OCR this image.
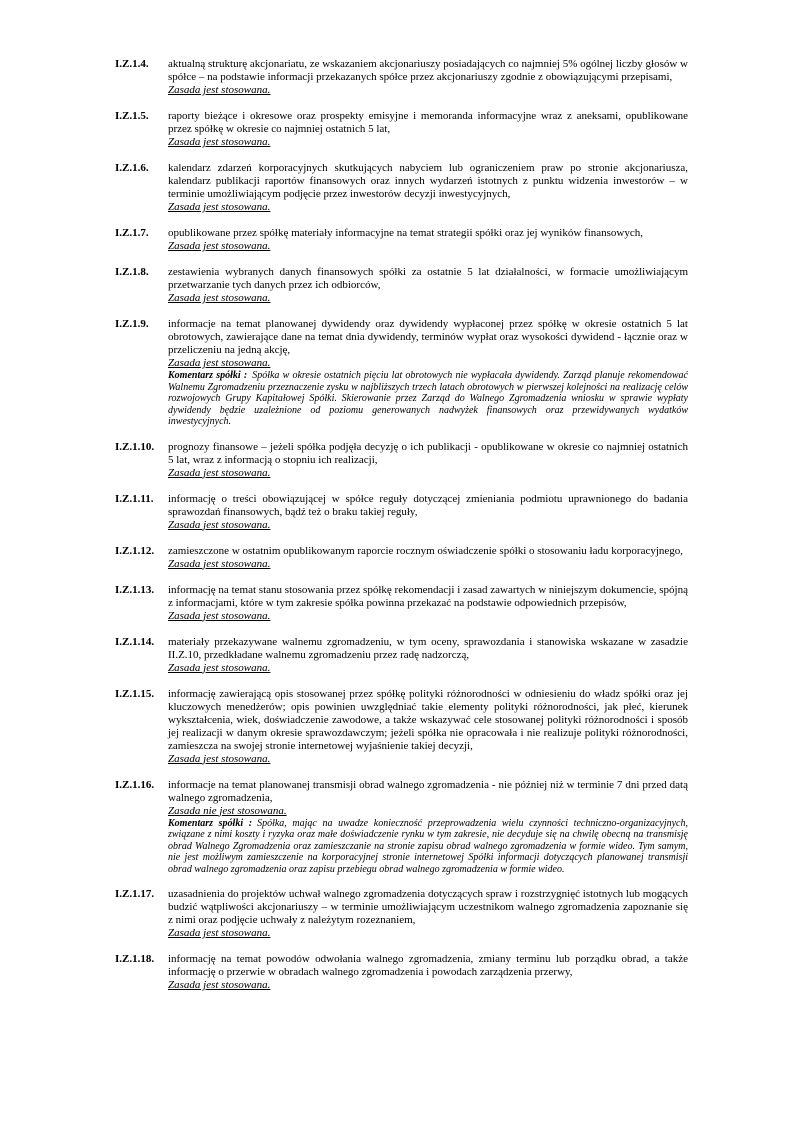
I.Z.1.4.	aktualną strukturę akcjonariatu, ze wskazaniem akcjonariuszy posiadających co najmniej 5% ogólnej liczby głosów w spółce – na podstawie informacji przekazanych spółce przez akcjonariuszy zgodnie z obowiązującymi przepisami,
Zasada jest stosowana.
I.Z.1.5.	raporty bieżące i okresowe oraz prospekty emisyjne i memoranda informacyjne wraz z aneksami, opublikowane przez spółkę w okresie co najmniej ostatnich 5 lat,
Zasada jest stosowana.
I.Z.1.6.	kalendarz zdarzeń korporacyjnych skutkujących nabyciem lub ograniczeniem praw po stronie akcjonariusza, kalendarz publikacji raportów finansowych oraz innych wydarzeń istotnych z punktu widzenia inwestorów – w terminie umożliwiającym podjęcie przez inwestorów decyzji inwestycyjnych,
Zasada jest stosowana.
I.Z.1.7.	opublikowane przez spółkę materiały informacyjne na temat strategii spółki oraz jej wyników finansowych,
Zasada jest stosowana.
I.Z.1.8.	zestawienia wybranych danych finansowych spółki za ostatnie 5 lat działalności, w formacie umożliwiającym przetwarzanie tych danych przez ich odbiorców,
Zasada jest stosowana.
I.Z.1.9.	informacje na temat planowanej dywidendy oraz dywidendy wypłaconej przez spółkę w okresie ostatnich 5 lat obrotowych, zawierające dane na temat dnia dywidendy, terminów wypłat oraz wysokości dywidend - łącznie oraz w przeliczeniu na jedną akcję,
Zasada jest stosowana.
Komentarz spółki : Spółka w okresie ostatnich pięciu lat obrotowych nie wypłacała dywidendy. Zarząd planuje rekomendować Walnemu Zgromadzeniu przeznaczenie zysku w najbliższych trzech latach obrotowych w pierwszej kolejności na realizację celów rozwojowych Grupy Kapitałowej Spółki. Skierowanie przez Zarząd do Walnego Zgromadzenia wniosku w sprawie wypłaty dywidendy będzie uzależnione od poziomu generowanych nadwyżek finansowych oraz przewidywanych wydatków inwestycyjnych.
I.Z.1.10.	prognozy finansowe – jeżeli spółka podjęła decyzję o ich publikacji - opublikowane w okresie co najmniej ostatnich 5 lat, wraz z informacją o stopniu ich realizacji,
Zasada jest stosowana.
I.Z.1.11.	informację o treści obowiązującej w spółce reguły dotyczącej zmieniania podmiotu uprawnionego do badania sprawozdań finansowych, bądź też o braku takiej reguły,
Zasada jest stosowana.
I.Z.1.12.	zamieszczone w ostatnim opublikowanym raporcie rocznym oświadczenie spółki o stosowaniu ładu korporacyjnego,
Zasada jest stosowana.
I.Z.1.13.	informację na temat stanu stosowania przez spółkę rekomendacji i zasad zawartych w niniejszym dokumencie, spójną z informacjami, które w tym zakresie spółka powinna przekazać na podstawie odpowiednich przepisów,
Zasada jest stosowana.
I.Z.1.14.	materiały przekazywane walnemu zgromadzeniu, w tym oceny, sprawozdania i stanowiska wskazane w zasadzie II.Z.10, przedkładane walnemu zgromadzeniu przez radę nadzorczą,
Zasada jest stosowana.
I.Z.1.15.	informację zawierającą opis stosowanej przez spółkę polityki różnorodności w odniesieniu do władz spółki oraz jej kluczowych menedżerów; opis powinien uwzględniać takie elementy polityki różnorodności, jak płeć, kierunek wykształcenia, wiek, doświadczenie zawodowe, a także wskazywać cele stosowanej polityki różnorodności i sposób jej realizacji w danym okresie sprawozdawczym; jeżeli spółka nie opracowała i nie realizuje polityki różnorodności, zamieszcza na swojej stronie internetowej wyjaśnienie takiej decyzji,
Zasada jest stosowana.
I.Z.1.16.	informacje na temat planowanej transmisji obrad walnego zgromadzenia - nie później niż w terminie 7 dni przed datą walnego zgromadzenia,
Zasada nie jest stosowana.
Komentarz spółki : Spółka, mając na uwadze konieczność przeprowadzenia wielu czynności techniczno-organizacyjnych, związane z nimi koszty i ryzyka oraz małe doświadczenie rynku w tym zakresie, nie decyduje się na chwilę obecną na transmisję obrad Walnego Zgromadzenia oraz zamieszczanie na stronie zapisu obrad walnego zgromadzenia w formie wideo. Tym samym, nie jest możliwym zamieszczenie na korporacyjnej stronie internetowej Spółki informacji dotyczących planowanej transmisji obrad walnego zgromadzenia oraz zapisu przebiegu obrad walnego zgromadzenia w formie wideo.
I.Z.1.17.	uzasadnienia do projektów uchwał walnego zgromadzenia dotyczących spraw i rozstrzygnięć istotnych lub mogących budzić wątpliwości akcjonariuszy – w terminie umożliwiającym uczestnikom walnego zgromadzenia zapoznanie się z nimi oraz podjęcie uchwały z należytym rozeznaniem,
Zasada jest stosowana.
I.Z.1.18.	informację na temat powodów odwołania walnego zgromadzenia, zmiany terminu lub porządku obrad, a także informację o przerwie w obradach walnego zgromadzenia i powodach zarządzenia przerwy,
Zasada jest stosowana.
